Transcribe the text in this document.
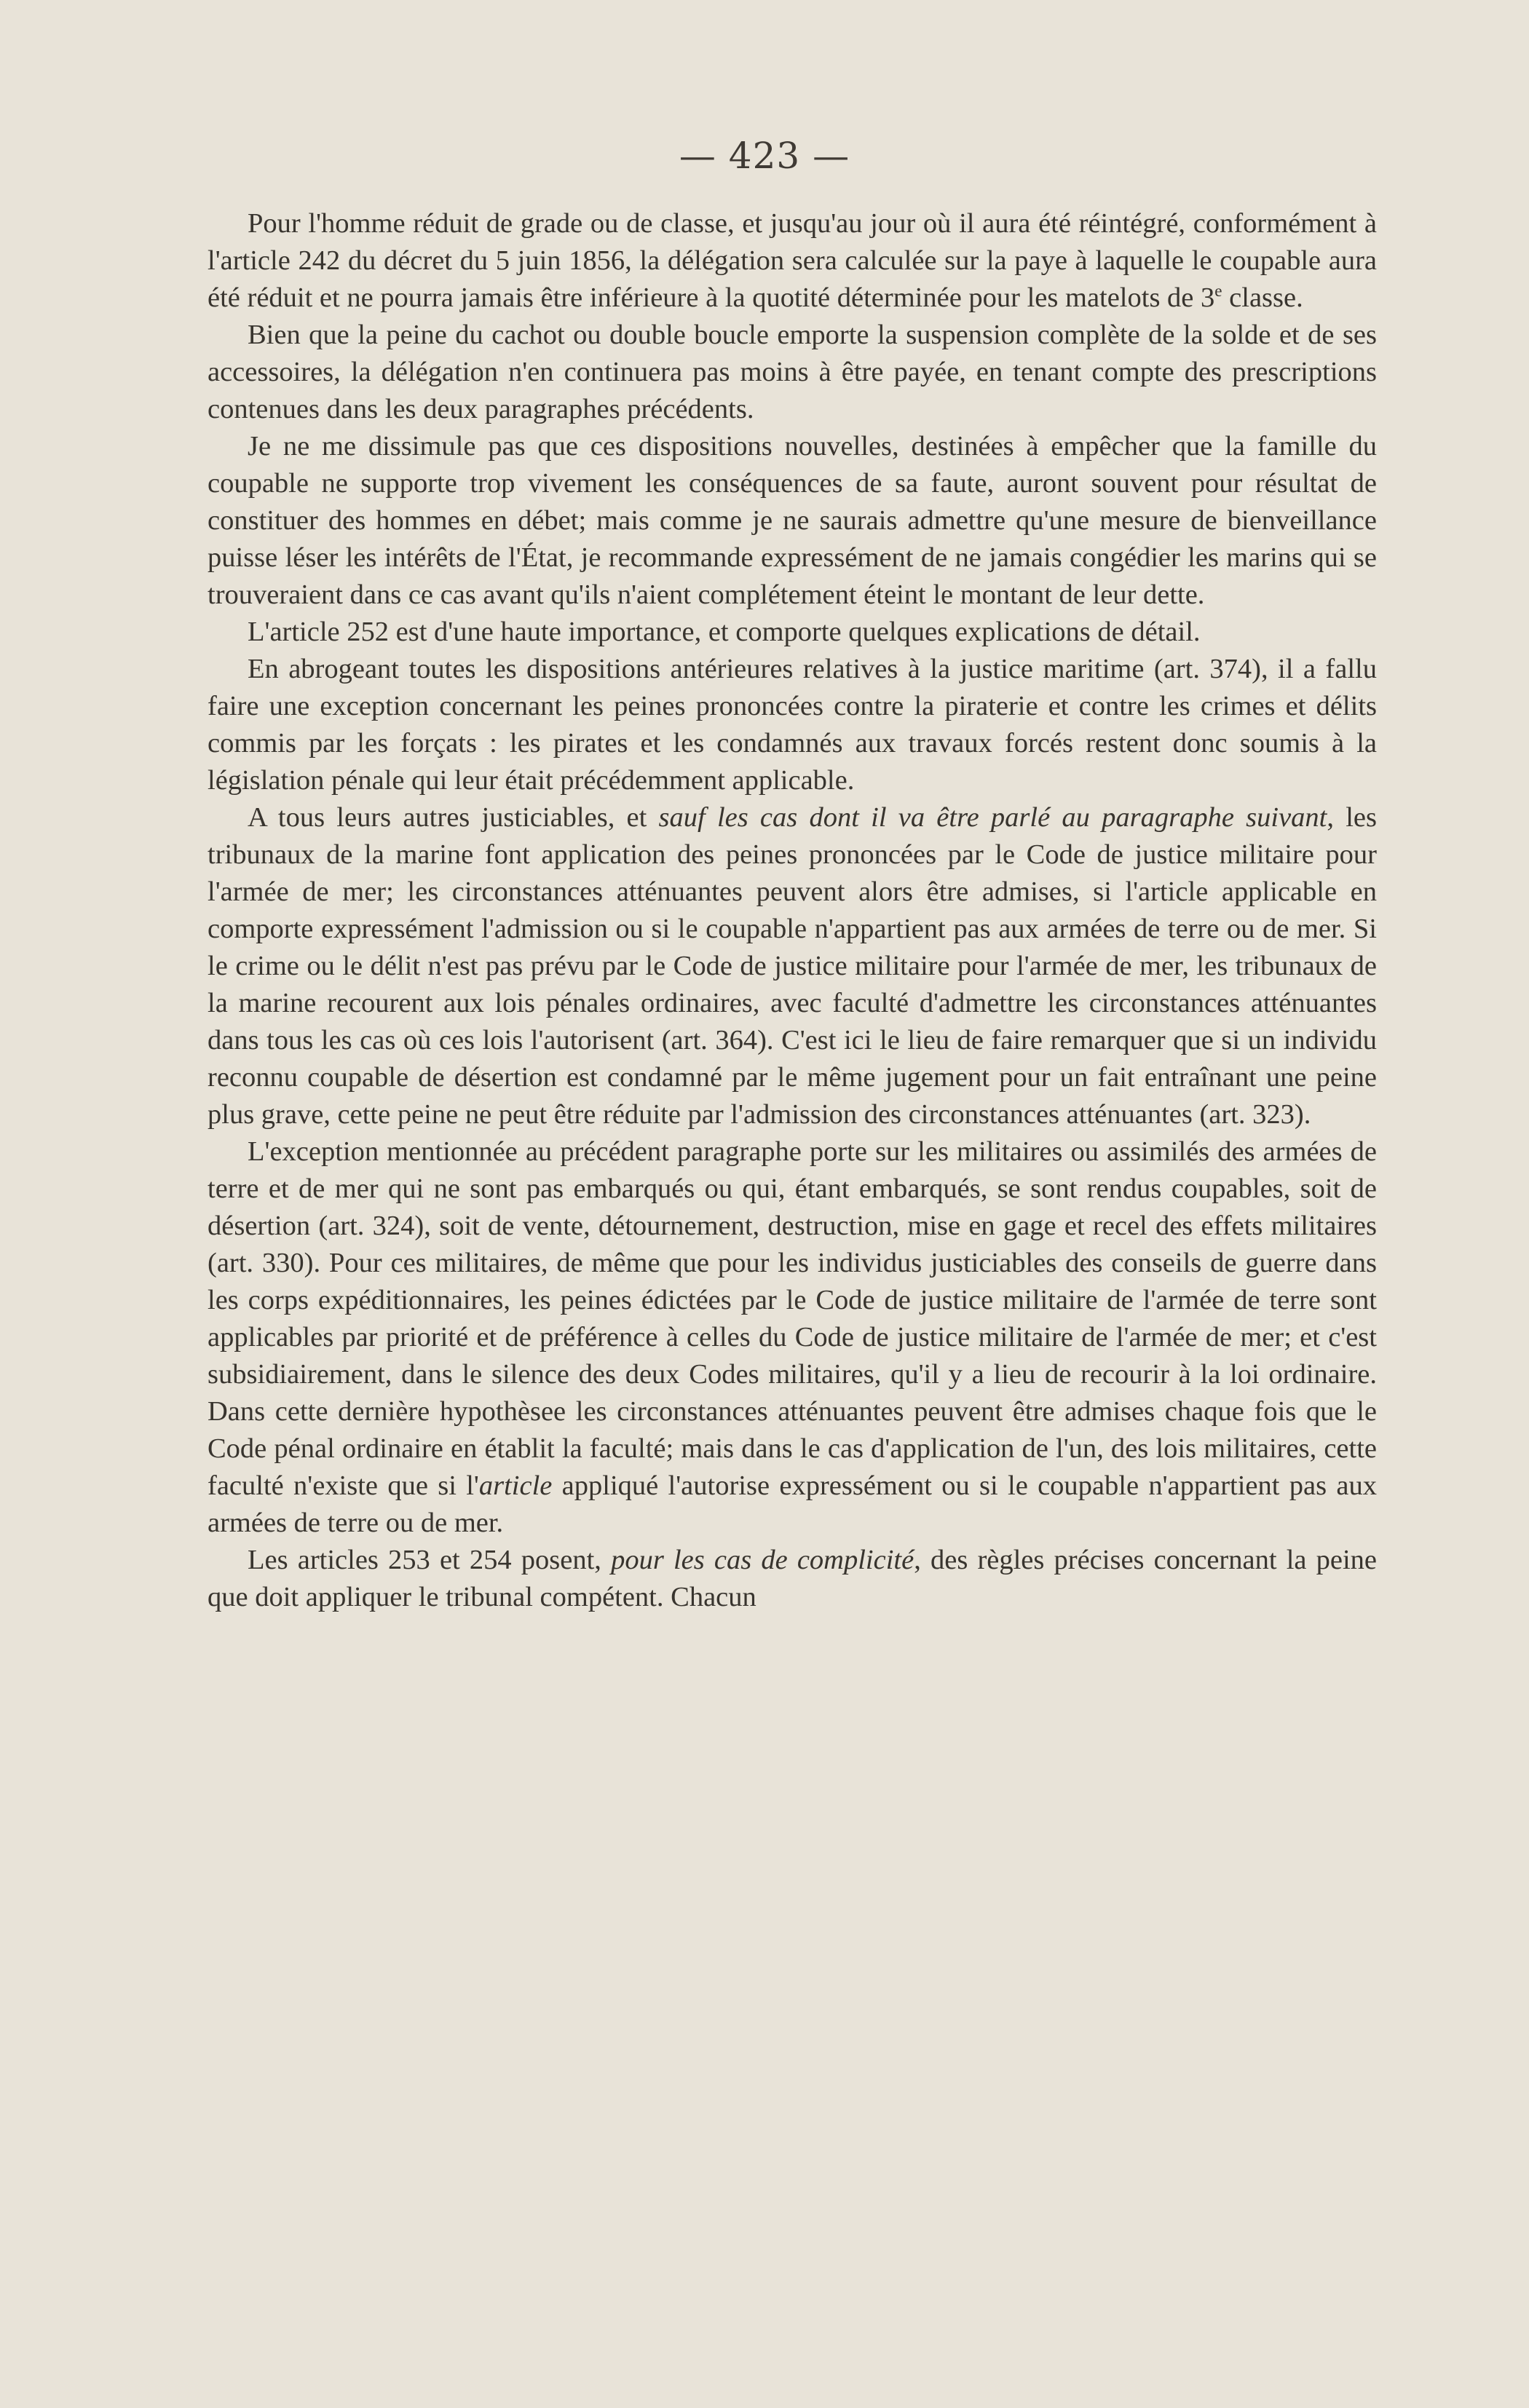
— 423 —

Pour l'homme réduit de grade ou de classe, et jusqu'au jour où il aura été réintégré, conformément à l'article 242 du décret du 5 juin 1856, la délégation sera calculée sur la paye à laquelle le coupable aura été réduit et ne pourra jamais être inférieure à la quotité déterminée pour les matelots de 3e classe.

Bien que la peine du cachot ou double boucle emporte la suspension complète de la solde et de ses accessoires, la délégation n'en continuera pas moins à être payée, en tenant compte des prescriptions contenues dans les deux paragraphes précédents.

Je ne me dissimule pas que ces dispositions nouvelles, destinées à empêcher que la famille du coupable ne supporte trop vivement les conséquences de sa faute, auront souvent pour résultat de constituer des hommes en débet; mais comme je ne saurais admettre qu'une mesure de bienveillance puisse léser les intérêts de l'État, je recommande expressément de ne jamais congédier les marins qui se trouveraient dans ce cas avant qu'ils n'aient complétement éteint le montant de leur dette.

L'article 252 est d'une haute importance, et comporte quelques explications de détail.

En abrogeant toutes les dispositions antérieures relatives à la justice maritime (art. 374), il a fallu faire une exception concernant les peines prononcées contre la piraterie et contre les crimes et délits commis par les forçats : les pirates et les condamnés aux travaux forcés restent donc soumis à la législation pénale qui leur était précédemment applicable.

A tous leurs autres justiciables, et sauf les cas dont il va être parlé au paragraphe suivant, les tribunaux de la marine font application des peines prononcées par le Code de justice militaire pour l'armée de mer; les circonstances atténuantes peuvent alors être admises, si l'article applicable en comporte expressément l'admission ou si le coupable n'appartient pas aux armées de terre ou de mer. Si le crime ou le délit n'est pas prévu par le Code de justice militaire pour l'armée de mer, les tribunaux de la marine recourent aux lois pénales ordinaires, avec faculté d'admettre les circonstances atténuantes dans tous les cas où ces lois l'autorisent (art. 364). C'est ici le lieu de faire remarquer que si un individu reconnu coupable de désertion est condamné par le même jugement pour un fait entraînant une peine plus grave, cette peine ne peut être réduite par l'admission des circonstances atténuantes (art. 323).

L'exception mentionnée au précédent paragraphe porte sur les militaires ou assimilés des armées de terre et de mer qui ne sont pas embarqués ou qui, étant embarqués, se sont rendus coupables, soit de désertion (art. 324), soit de vente, détournement, destruction, mise en gage et recel des effets militaires (art. 330). Pour ces militaires, de même que pour les individus justiciables des conseils de guerre dans les corps expéditionnaires, les peines édictées par le Code de justice militaire de l'armée de terre sont applicables par priorité et de préférence à celles du Code de justice militaire de l'armée de mer; et c'est subsidiairement, dans le silence des deux Codes militaires, qu'il y a lieu de recourir à la loi ordinaire. Dans cette dernière hypothèsee les circonstances atténuantes peuvent être admises chaque fois que le Code pénal ordinaire en établit la faculté; mais dans le cas d'application de l'un, des lois militaires, cette faculté n'existe que si l'article appliqué l'autorise expressément ou si le coupable n'appartient pas aux armées de terre ou de mer.

Les articles 253 et 254 posent, pour les cas de complicité, des règles précises concernant la peine que doit appliquer le tribunal compétent. Chacun
